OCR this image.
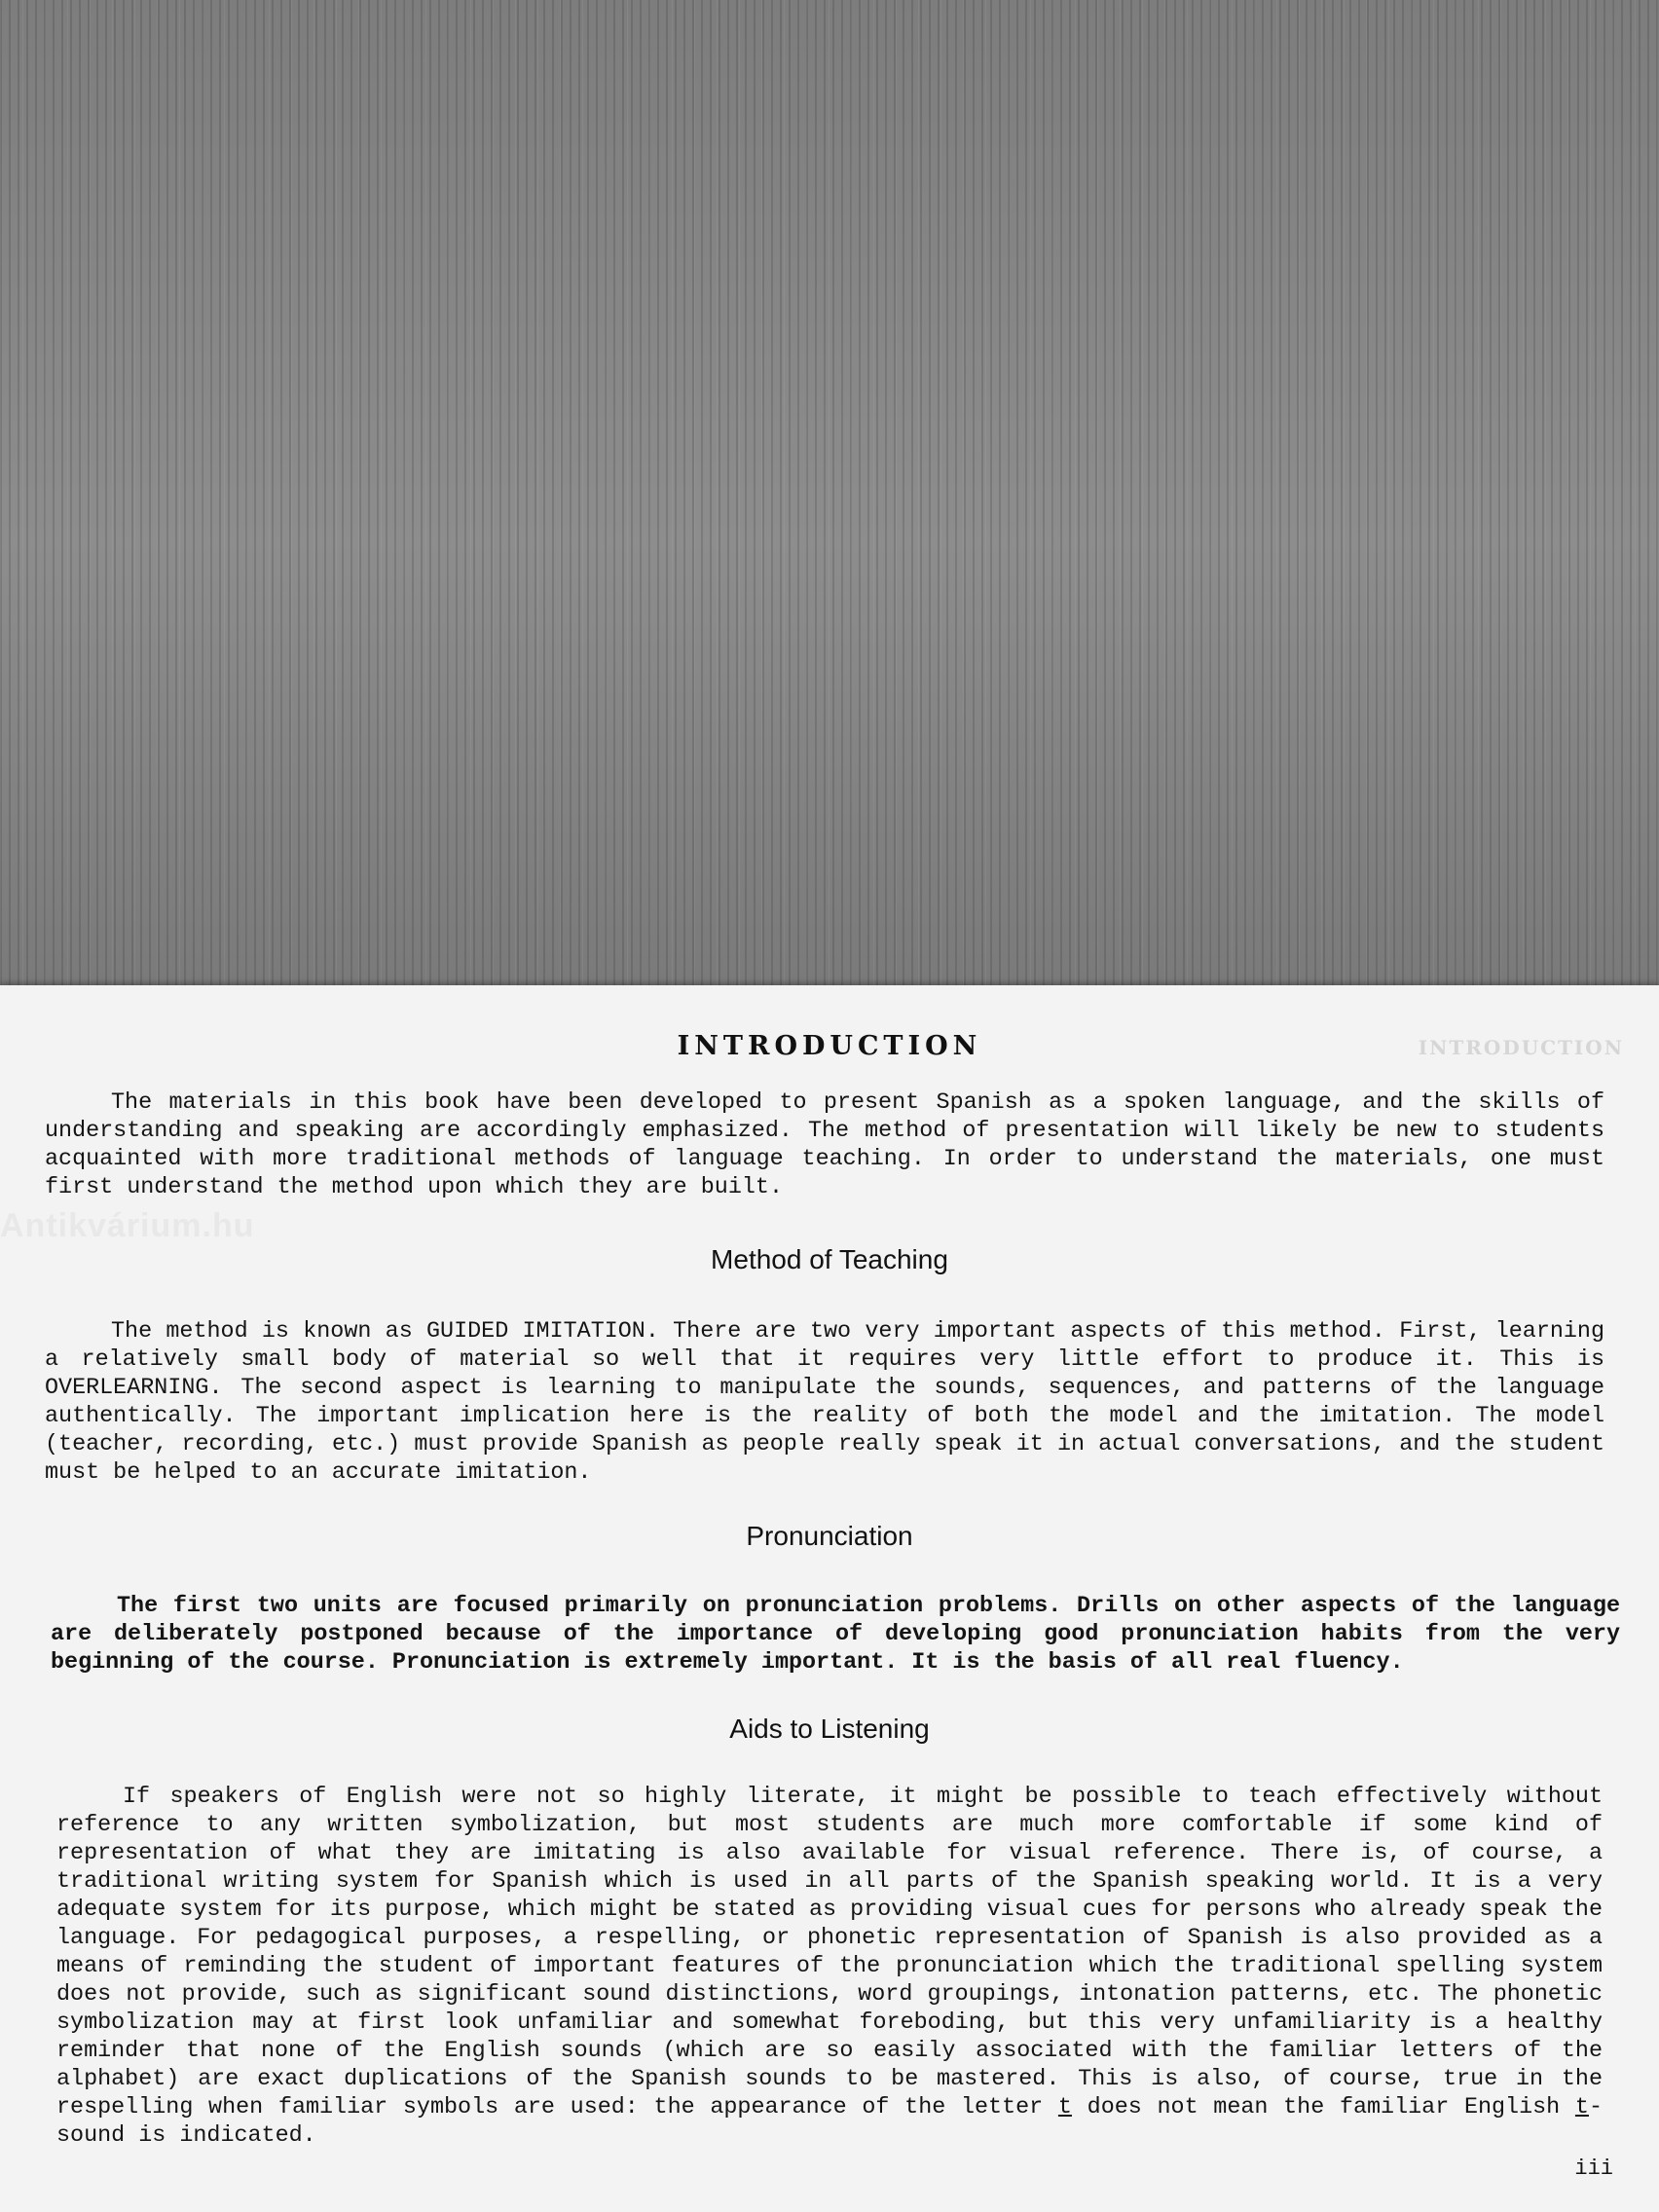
INTRODUCTION
INTRODUCTION

The materials in this book have been developed to present Spanish as a spoken language, and the skills of understanding and speaking are accordingly emphasized. The method of presentation will likely be new to students acquainted with more traditional methods of language teaching. In order to understand the materials, one must first understand the method upon which they are built.

Method of Teaching

The method is known as GUIDED IMITATION. There are two very important aspects of this method. First, learning a relatively small body of material so well that it requires very little effort to produce it. This is OVERLEARNING. The second aspect is learning to manipulate the sounds, sequences, and patterns of the language authentically. The important implication here is the reality of both the model and the imitation. The model (teacher, recording, etc.) must provide Spanish as people really speak it in actual conversations, and the student must be helped to an accurate imitation.

Pronunciation

The first two units are focused primarily on pronunciation problems. Drills on other aspects of the language are deliberately postponed because of the importance of developing good pronunciation habits from the very beginning of the course. Pronunciation is extremely important. It is the basis of all real fluency.

Aids to Listening

If speakers of English were not so highly literate, it might be possible to teach effectively without reference to any written symbolization, but most students are much more comfortable if some kind of representation of what they are imitating is also available for visual reference. There is, of course, a traditional writing system for Spanish which is used in all parts of the Spanish speaking world. It is a very adequate system for its purpose, which might be stated as providing visual cues for persons who already speak the language. For pedagogical purposes, a respelling, or phonetic representation of Spanish is also provided as a means of reminding the student of important features of the pronunciation which the traditional spelling system does not provide, such as significant sound distinctions, word groupings, intonation patterns, etc. The phonetic symbolization may at first look unfamiliar and somewhat foreboding, but this very unfamiliarity is a healthy reminder that none of the English sounds (which are so easily associated with the familiar letters of the alphabet) are exact duplications of the Spanish sounds to be mastered. This is also, of course, true in the respelling when familiar symbols are used: the appearance of the letter t does not mean the familiar English t-sound is indicated.

iii
Antikvárium.hu
